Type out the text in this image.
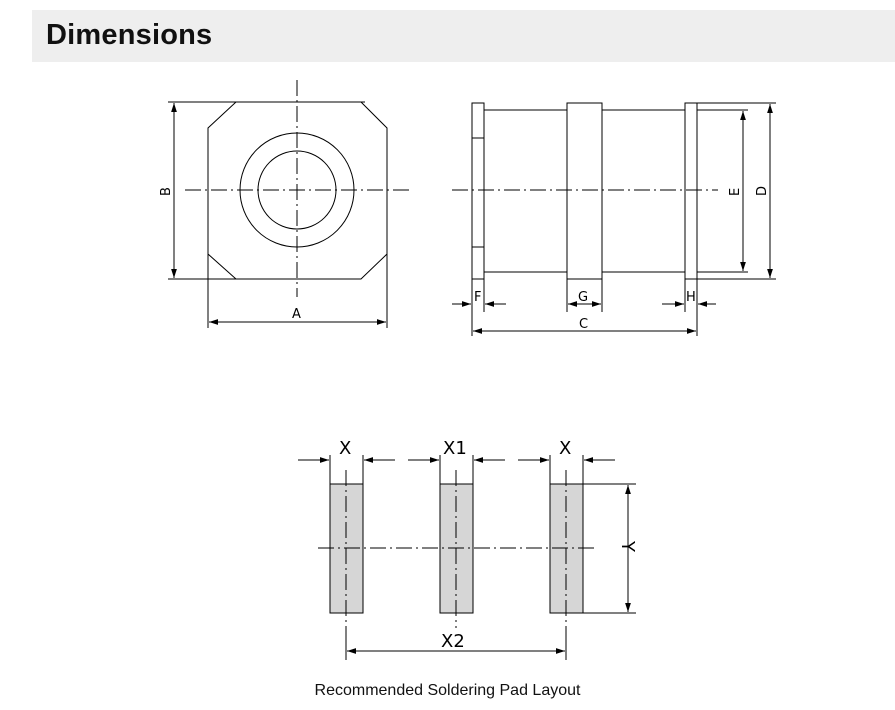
Dimensions
A
B
F	G	H
C
E D
X	X1	X
X2
Y
Recommended Soldering Pad Layout
